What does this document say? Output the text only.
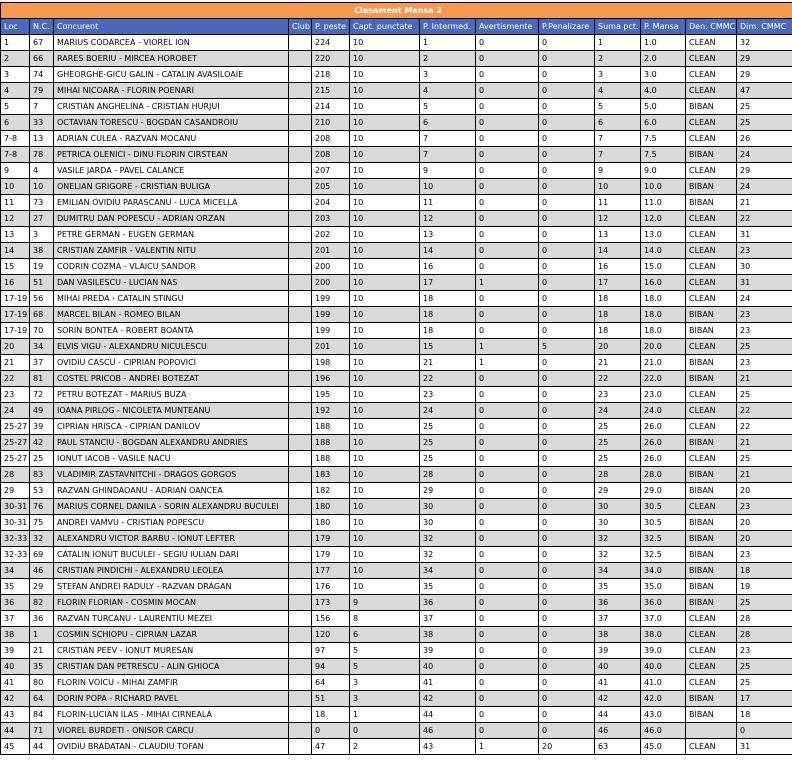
Clasament Mansa 2												
Loc	N.C.	Concurent	Club	P. peste	Capt. punctate	P. Intermed.	Avertismente	P.Penalizare	Suma pct.	P. Mansa	Den. CMMC	Dim. CMMC
1	67	MARIUS CODARCEA - VIOREL ION		224	10	1	0	0	1	1.0	CLEAN	32
2	66	RARES BOERIU - MIRCEA HOROBET		220	10	2	0	0	2	2.0	CLEAN	29
3	74	GHEORGHE-GICU GALIN - CATALIN AVASILOAIE		218	10	3	0	0	3	3.0	CLEAN	29
4	79	MIHAI NICOARA - FLORIN POENARI		215	10	4	0	0	4	4.0	CLEAN	47
5	7	CRISTIAN ANGHELINA - CRISTIAN HURJUI		214	10	5	0	0	5	5.0	BIBAN	25
6	33	OCTAVIAN TORESCU - BOGDAN CASANDROIU		210	10	6	0	0	6	6.0	CLEAN	25
7-8	13	ADRIAN CULEA - RAZVAN MOCANU		208	10	7	0	0	7	7.5	CLEAN	26
7-8	78	PETRICA OLENICI - DINU FLORIN CIRSTEAN		208	10	7	0	0	7	7.5	BIBAN	24
9	4	VASILE JARDA - PAVEL CALANCE		207	10	9	0	0	9	9.0	CLEAN	29
10	10	ONELIAN GRIGORE - CRISTIAN BULIGA		205	10	10	0	0	10	10.0	BIBAN	24
11	73	EMILIAN OVIDIU PARASCANU - LUCA MICELLA		204	10	11	0	0	11	11.0	BIBAN	21
12	27	DUMITRU DAN POPESCU - ADRIAN ORZAN		203	10	12	0	0	12	12.0	CLEAN	22
13	3	PETRE GERMAN - EUGEN GERMAN		202	10	13	0	0	13	13.0	CLEAN	31
14	38	CRISTIAN ZAMFIR - VALENTIN NITU		201	10	14	0	0	14	14.0	CLEAN	23
15	19	CODRIN COZMA - VLAICU SANDOR		200	10	16	0	0	16	15.0	CLEAN	30
16	51	DAN VASILESCU - LUCIAN NAS		200	10	17	1	0	17	16.0	CLEAN	31
17-19	56	MIHAI PREDA - CATALIN STINGU		199	10	18	0	0	18	18.0	CLEAN	24
17-19	68	MARCEL BILAN - ROMEO BILAN		199	10	18	0	0	18	18.0	BIBAN	23
17-19	70	SORIN BONTEA - ROBERT BOANTA		199	10	18	0	0	18	18.0	BIBAN	23
20	34	ELVIS VIGU - ALEXANDRU NICULESCU		201	10	15	1	5	20	20.0	CLEAN	25
21	37	OVIDIU CASCU - CIPRIAN POPOVICI		198	10	21	1	0	21	21.0	BIBAN	23
22	81	COSTEL PRICOB - ANDREI BOTEZAT		196	10	22	0	0	22	22.0	BIBAN	21
23	72	PETRU BOTEZAT - MARIUS BUZA		195	10	23	0	0	23	23.0	CLEAN	25
24	49	IOANA PIRLOG - NICOLETA MUNTEANU		192	10	24	0	0	24	24.0	CLEAN	22
25-27	39	CIPRIAN HRISCA - CIPRIAN DANILOV		188	10	25	0	0	25	26.0	CLEAN	22
25-27	42	PAUL STANCIU - BOGDAN ALEXANDRU ANDRIES		188	10	25	0	0	25	26.0	BIBAN	21
25-27	25	IONUT IACOB - VASILE NACU		188	10	25	0	0	25	26.0	CLEAN	25
28	83	VLADIMIR ZASTAVNITCHI - DRAGOS GORGOS		183	10	28	0	0	28	28.0	BIBAN	21
29	53	RAZVAN GHINDAOANU - ADRIAN OANCEA		182	10	29	0	0	29	29.0	BIBAN	20
30-31	76	MARIUS CORNEL DANILA - SORIN ALEXANDRU BUCULEI		180	10	30	0	0	30	30.5	CLEAN	23
30-31	75	ANDREI VAMVU - CRISTIAN POPESCU		180	10	30	0	0	30	30.5	BIBAN	20
32-33	32	ALEXANDRU VICTOR BARBU - IONUT LEFTER		179	10	32	0	0	32	32.5	BIBAN	20
32-33	69	CATALIN IONUT BUCULEI - SEGIU IULIAN DARI		179	10	32	0	0	32	32.5	BIBAN	23
34	46	CRISTIAN PINDICHI - ALEXANDRU LEOLEA		177	10	34	0	0	34	34.0	BIBAN	18
35	29	STEFAN ANDREI RADULY - RAZVAN DRAGAN		176	10	35	0	0	35	35.0	BIBAN	19
36	82	FLORIN FLORIAN - COSMIN MOCAN		173	9	36	0	0	36	36.0	BIBAN	25
37	36	RAZVAN TURCANU - LAURENTIU MEZEI		156	8	37	0	0	37	37.0	CLEAN	28
38	1	COSMIN SCHIOPU - CIPRIAN LAZAR		120	6	38	0	0	38	38.0	CLEAN	28
39	21	CRISTIAN PEEV - IONUT MURESAN		97	5	39	0	0	39	39.0	CLEAN	23
40	35	CRISTIAN DAN PETRESCU - ALIN GHIOCA		94	5	40	0	0	40	40.0	CLEAN	25
41	80	FLORIN VOICU - MIHAI ZAMFIR		64	3	41	0	0	41	41.0	CLEAN	25
42	64	DORIN POPA - RICHARD PAVEL		51	3	42	0	0	42	42.0	BIBAN	17
43	84	FLORIN-LUCIAN ILAS - MIHAI CIRNEALA		18	1	44	0	0	44	43.0	BIBAN	18
44	71	VIOREL BURDETI - ONISOR CARCU		0	0	46	0	0	46	46.0		0
45	44	OVIDIU BRADATAN - CLAUDIU TOFAN		47	2	43	1	20	63	45.0	CLEAN	31
